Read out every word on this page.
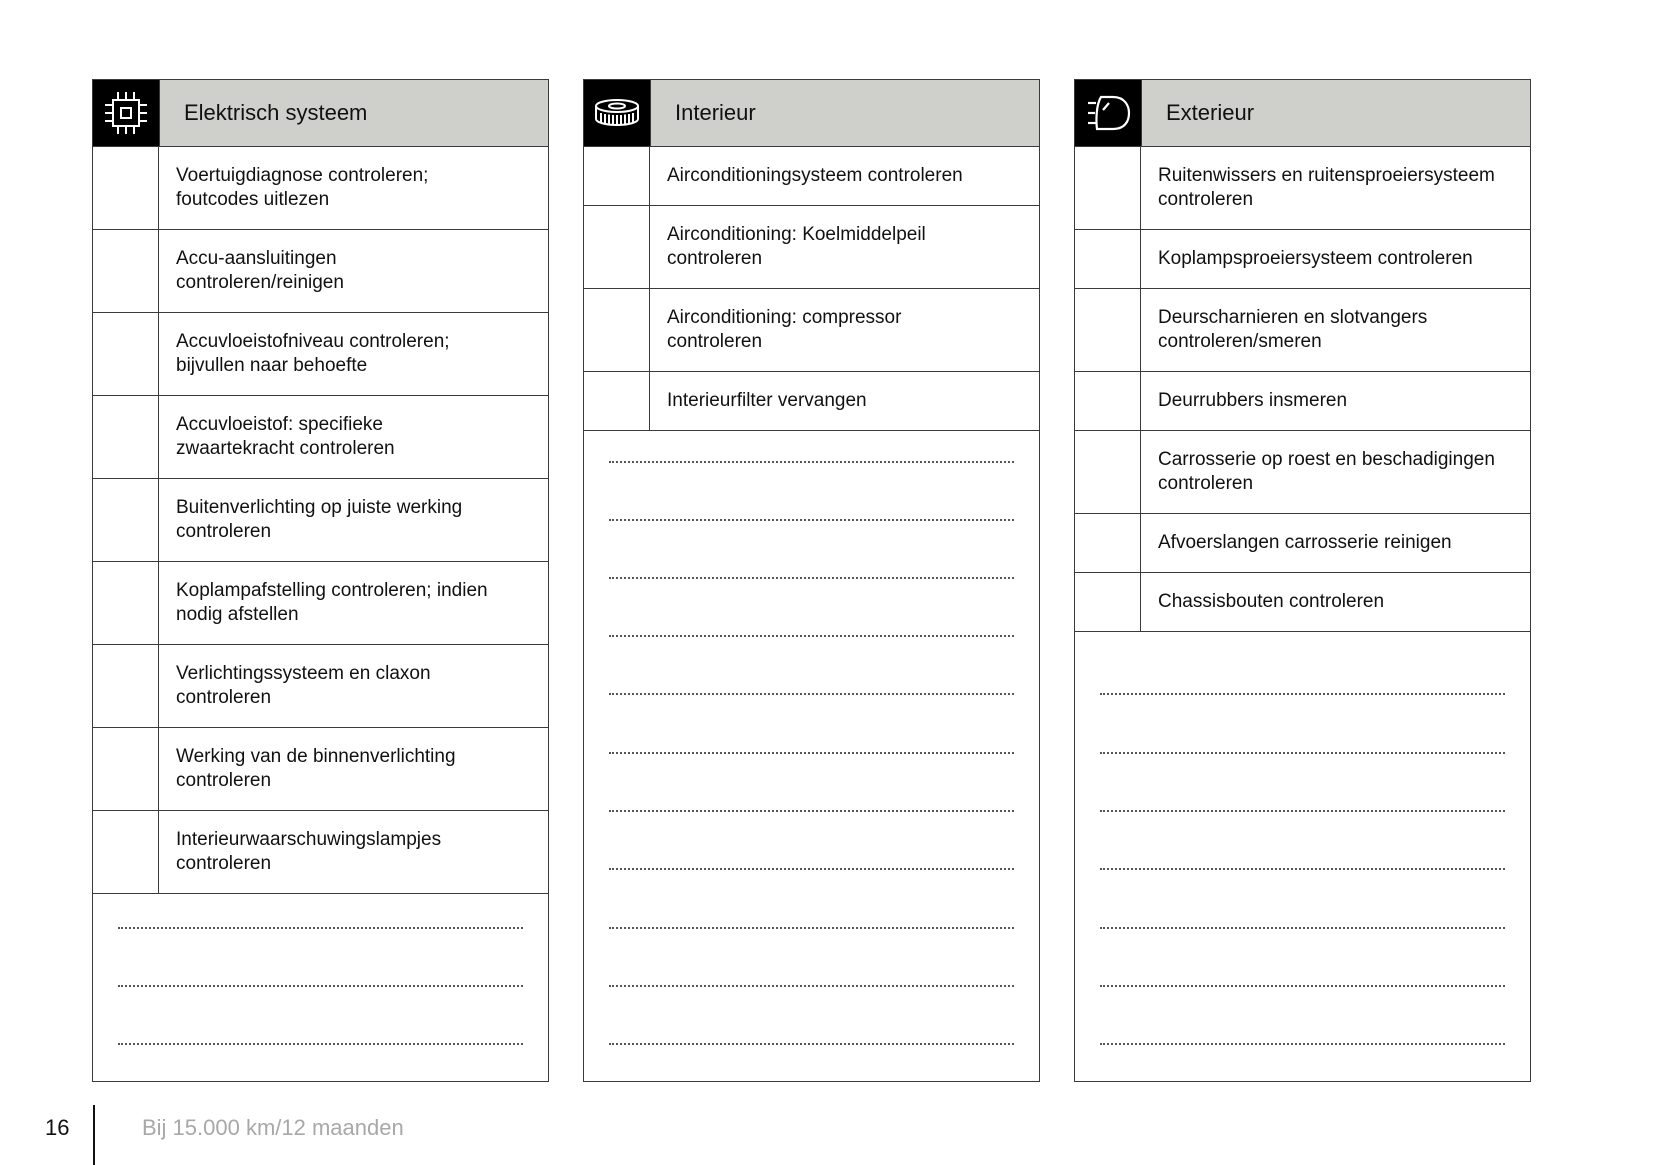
Elektrisch systeem
Voertuigdiagnose controleren;
foutcodes uitlezen
Accu-aansluitingen
controleren/reinigen
Accuvloeistofniveau controleren;
bijvullen naar behoefte
Accuvloeistof: specifieke
zwaartekracht controleren
Buitenverlichting op juiste werking
controleren
Koplampafstelling controleren; indien
nodig afstellen
Verlichtingssysteem en claxon
controleren
Werking van de binnenverlichting
controleren
Interieurwaarschuwingslampjes
controleren
Interieur
Airconditioningsysteem controleren
Airconditioning: Koelmiddelpeil
controleren
Airconditioning: compressor
controleren
Interieurfilter vervangen
Exterieur
Ruitenwissers en ruitensproeiersysteem
controleren
Koplampsproeiersysteem controleren
Deurscharnieren en slotvangers
controleren/smeren
Deurrubbers insmeren
Carrosserie op roest en beschadigingen
controleren
Afvoerslangen carrosserie reinigen
Chassisbouten controleren
16	Bij 15.000 km/12 maanden
